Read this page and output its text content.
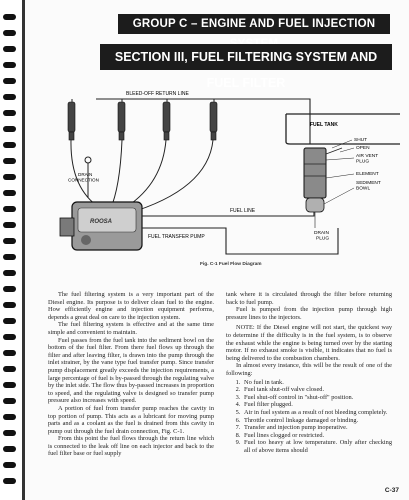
GROUP C – ENGINE AND FUEL INJECTION
SECTION III, FUEL FILTERING SYSTEM AND FUEL FILTER
FUEL TANK
BLEED-OFF RETURN LINE
DRAIN CONNECTION
ROOSA
FUEL LINE
FUEL TRANSFER PUMP
SHUT
OPEN
AIR VENT PLUG
ELEMENT
SEDIMENT BOWL
DRAIN PLUG
Fig. C-1 Fuel Flow Diagram

The fuel filtering system is a very important part of the Diesel engine. Its purpose is to deliver clean fuel to the engine. How efficiently engine and injection equipment performs, depends a great deal on care to the injection system.

The fuel filtering system is effective and at the same time simple and convenient to maintain.

Fuel passes from the fuel tank into the sediment bowl on the bottom of the fuel filter. From there fuel flows up through the filter and after leaving filter, is drawn into the pump through the inlet strainer, by the vane type fuel transfer pump. Since transfer pump displacement greatly exceeds the injection requirements, a large percentage of fuel is by-passed through the regulating valve by the inlet side. The flow thus by-passed increases in proportion to speed, and the regulating valve is designed so transfer pump pressure also increases with speed.

A portion of fuel from transfer pump reaches the cavity in top portion of pump. This acts as a lubricant for moving pump parts and as a coolant as the fuel is drained from this cavity in pump out through the fuel drain connection, Fig. C-1.

From this point the fuel flows through the return line which is connected to the leak off line on each injector and back to the fuel filter base or fuel supply

tank where it is circulated through the filter before returning back to fuel pump.

Fuel is pumped from the injection pump through high pressure lines to the injectors.

NOTE: If the Diesel engine will not start, the quickest way to determine if the difficulty is in the fuel system, is to observe the exhaust while the engine is being turned over by the starting motor. If no exhaust smoke is visible, it indicates that no fuel is being delivered to the combustion chambers.

In almost every instance, this will be the result of one of the following:

1. No fuel in tank.
2. Fuel tank shut-off valve closed.
3. Fuel shut-off control in "shut-off" position.
4. Fuel filter plugged.
5. Air in fuel system as a result of not bleeding completely.
6. Throttle control linkage damaged or binding.
7. Transfer and injection pump inoperative.
8. Fuel lines clogged or restricted.
9. Fuel too heavy at low temperature. Only after checking all of above items should
C-37
